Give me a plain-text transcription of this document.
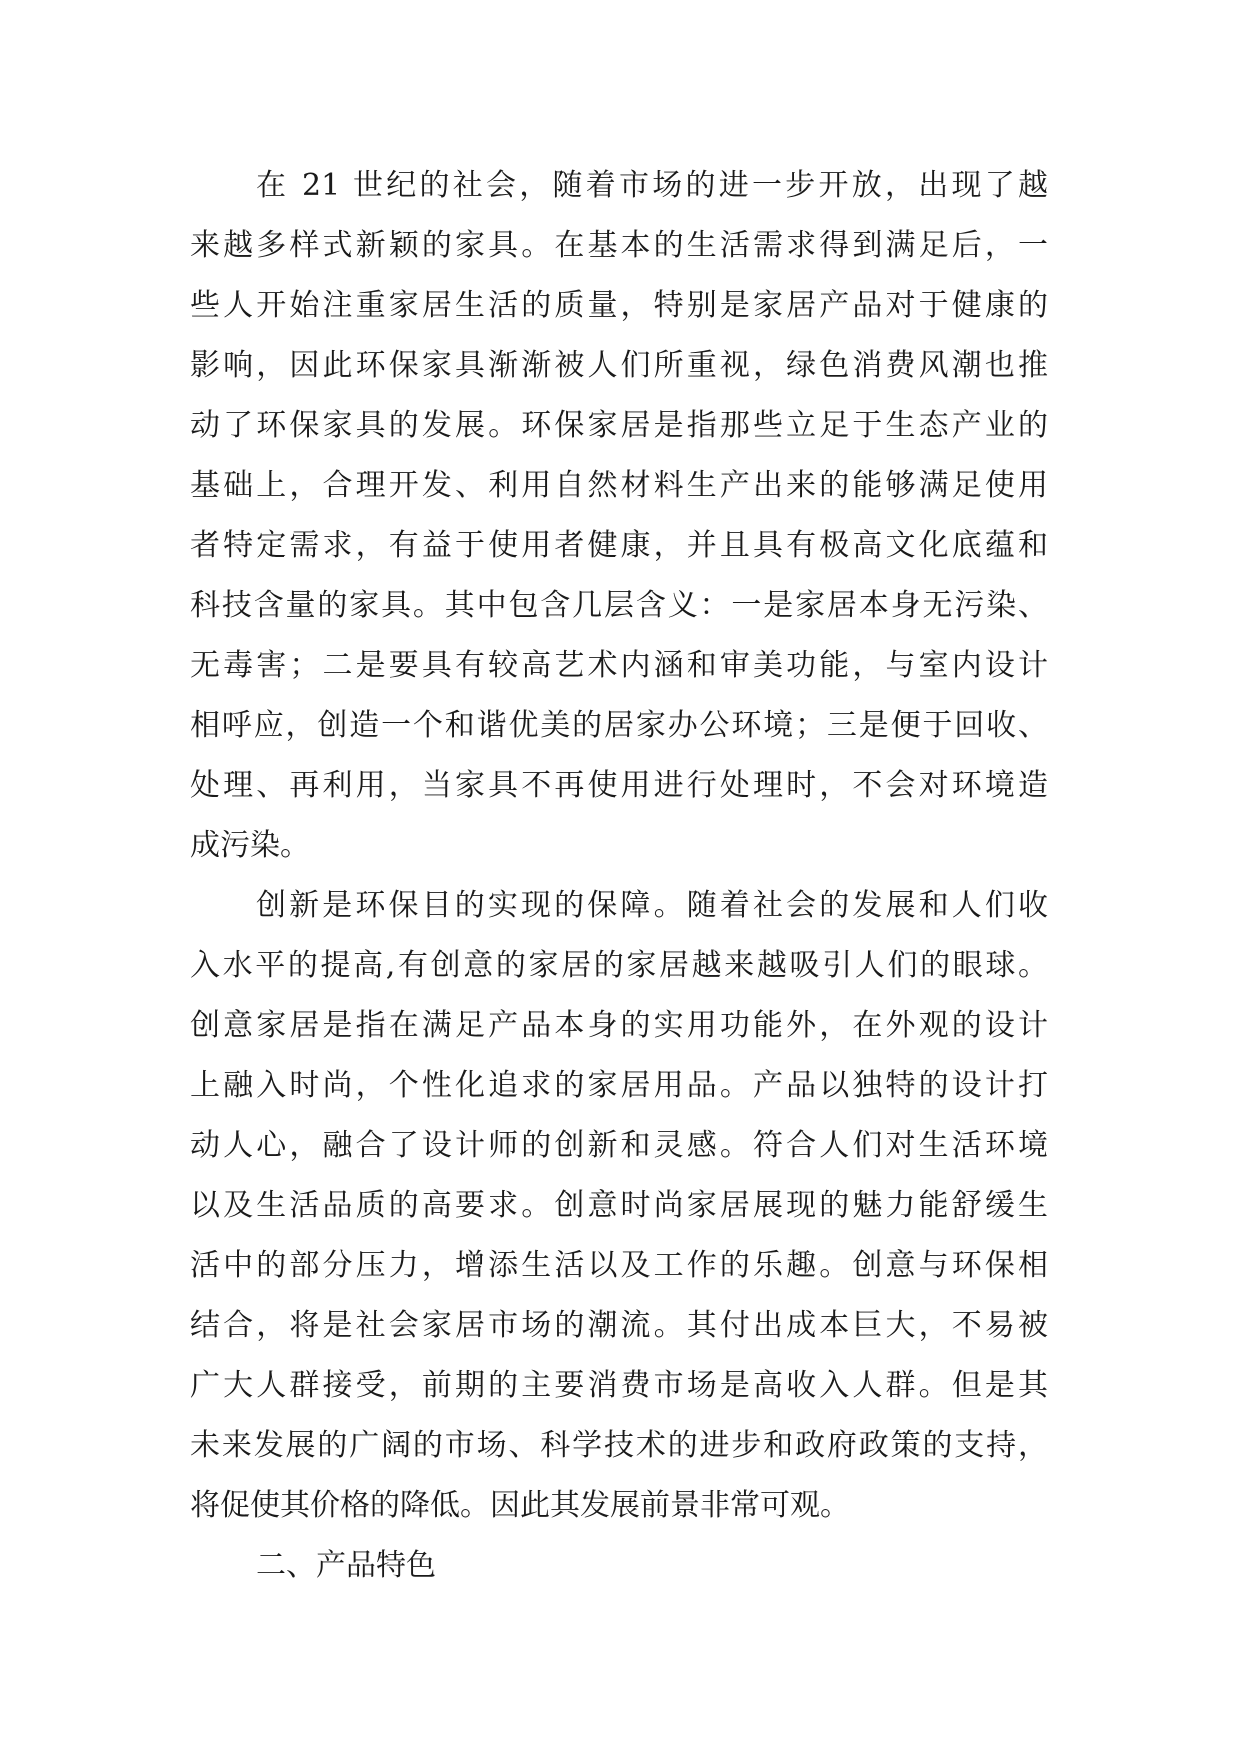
在 21 世纪的社会，随着市场的进一步开放，出现了越
来越多样式新颖的家具。在基本的生活需求得到满足后，一
些人开始注重家居生活的质量，特别是家居产品对于健康的
影响，因此环保家具渐渐被人们所重视，绿色消费风潮也推
动了环保家具的发展。环保家居是指那些立足于生态产业的
基础上，合理开发、利用自然材料生产出来的能够满足使用
者特定需求，有益于使用者健康，并且具有极高文化底蕴和
科技含量的家具。其中包含几层含义：一是家居本身无污染、
无毒害；二是要具有较高艺术内涵和审美功能，与室内设计
相呼应，创造一个和谐优美的居家办公环境；三是便于回收、
处理、再利用，当家具不再使用进行处理时，不会对环境造
成污染。
创新是环保目的实现的保障。随着社会的发展和人们收
入水平的提高,有创意的家居的家居越来越吸引人们的眼球。
创意家居是指在满足产品本身的实用功能外，在外观的设计
上融入时尚，个性化追求的家居用品。产品以独特的设计打
动人心，融合了设计师的创新和灵感。符合人们对生活环境
以及生活品质的高要求。创意时尚家居展现的魅力能舒缓生
活中的部分压力，增添生活以及工作的乐趣。创意与环保相
结合，将是社会家居市场的潮流。其付出成本巨大，不易被
广大人群接受，前期的主要消费市场是高收入人群。但是其
未来发展的广阔的市场、科学技术的进步和政府政策的支持，
将促使其价格的降低。因此其发展前景非常可观。
二、产品特色
